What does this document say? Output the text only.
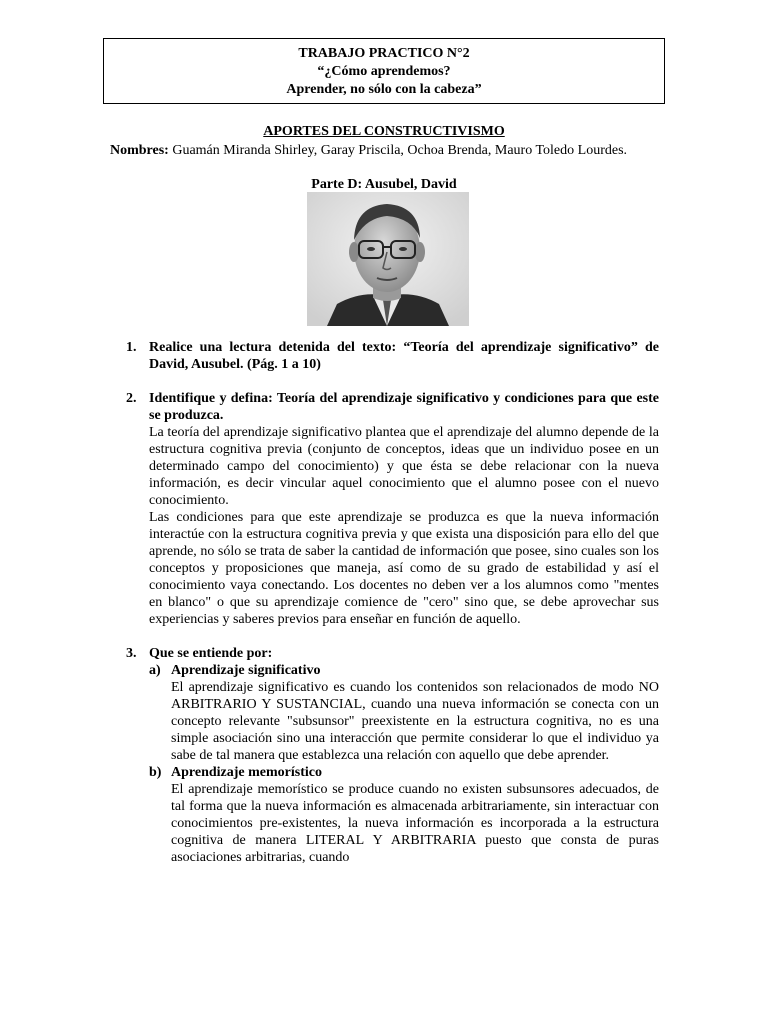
TRABAJO PRACTICO N°2
“¿Cómo aprendemos?
Aprender, no sólo con la cabeza”
APORTES DEL CONSTRUCTIVISMO
Nombres: Guamán Miranda Shirley, Garay Priscila, Ochoa Brenda, Mauro Toledo Lourdes.
Parte D: Ausubel, David
1. Realice una lectura detenida del texto: “Teoría del aprendizaje significativo” de David, Ausubel. (Pág. 1 a 10)
2. Identifique y defina: Teoría del aprendizaje significativo y condiciones para que este se produzca.

La teoría del aprendizaje significativo plantea que el aprendizaje del alumno depende de la estructura cognitiva previa (conjunto de conceptos, ideas que un individuo posee en un determinado campo del conocimiento) y que ésta se debe relacionar con la nueva información, es decir vincular aquel conocimiento que el alumno posee con el nuevo conocimiento.

Las condiciones para que este aprendizaje se produzca es que la nueva información interactúe con la estructura cognitiva previa y que exista una disposición para ello del que aprende, no sólo se trata de saber la cantidad de información que posee, sino cuales son los conceptos y proposiciones que maneja, así como de su grado de estabilidad y así el conocimiento vaya conectando. Los docentes no deben ver a los alumnos como "mentes en blanco" o que su aprendizaje comience de "cero" sino que, se debe aprovechar sus experiencias y saberes previos para enseñar en función de aquello.

3. Que se entiende por:

a) Aprendizaje significativo

El aprendizaje significativo es cuando los contenidos son relacionados de modo NO ARBITRARIO Y SUSTANCIAL, cuando una nueva información se conecta con un concepto relevante "subsunsor" preexistente en la estructura cognitiva, no es una simple asociación sino una interacción que permite considerar lo que el individuo ya sabe de tal manera que establezca una relación con aquello que debe aprender.

b) Aprendizaje memorístico

El aprendizaje memorístico se produce cuando no existen subsunsores adecuados, de tal forma que la nueva información es almacenada arbitrariamente, sin interactuar con conocimientos pre-existentes, la nueva información es incorporada a la estructura cognitiva de manera LITERAL Y ARBITRARIA puesto que consta de puras asociaciones arbitrarias, cuando
